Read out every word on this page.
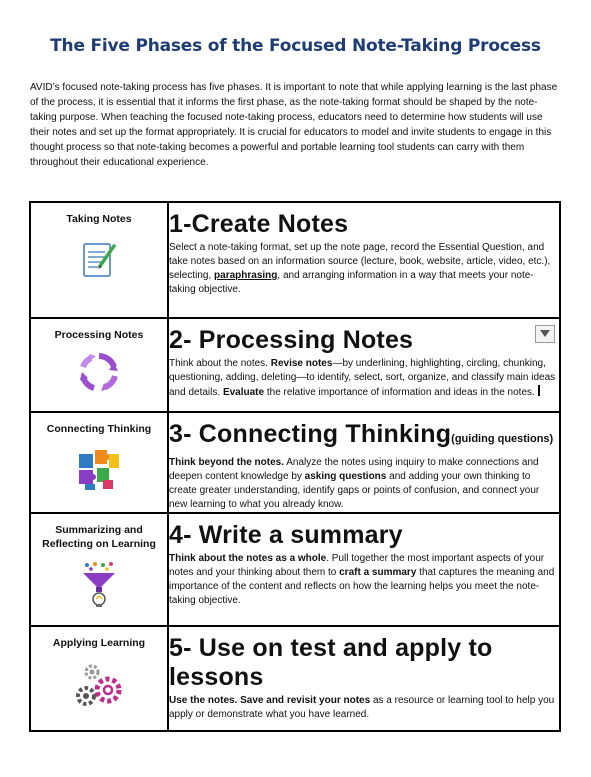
The Five Phases of the Focused Note-Taking Process

AVID’s focused note-taking process has five phases. It is important to note that while applying learning is the last phase of the process, it is essential that it informs the first phase, as the note-taking format should be shaped by the note-taking purpose. When teaching the focused note-taking process, educators need to determine how students will use their notes and set up the format appropriately. It is crucial for educators to model and invite students to engage in this thought process so that note-taking becomes a powerful and portable learning tool students can carry with them throughout their educational experience.

Taking Notes	1-Create Notes

Select a note-taking format, set up the note page, record the Essential Question, and take notes based on an information source (lecture, book, website, article, video, etc.), selecting, paraphrasing, and arranging information in a way that meets your note-taking objective.

Processing Notes	2- Processing Notes

Think about the notes. Revise notes—by underlining, highlighting, circling, chunking, questioning, adding, deleting—to identify, select, sort, organize, and classify main ideas and details. Evaluate the relative importance of information and ideas in the notes.

Connecting Thinking	3- Connecting Thinking(guiding questions)

Think beyond the notes. Analyze the notes using inquiry to make connections and deepen content knowledge by asking questions and adding your own thinking to create greater understanding, identify gaps or points of confusion, and connect your new learning to what you already know.

Summarizing and Reflecting on Learning	4- Write a summary

Think about the notes as a whole. Pull together the most important aspects of your notes and your thinking about them to craft a summary that captures the meaning and importance of the content and reflects on how the learning helps you meet the note-taking objective.

Applying Learning	5- Use on test and apply to lessons

Use the notes. Save and revisit your notes as a resource or learning tool to help you apply or demonstrate what you have learned.
